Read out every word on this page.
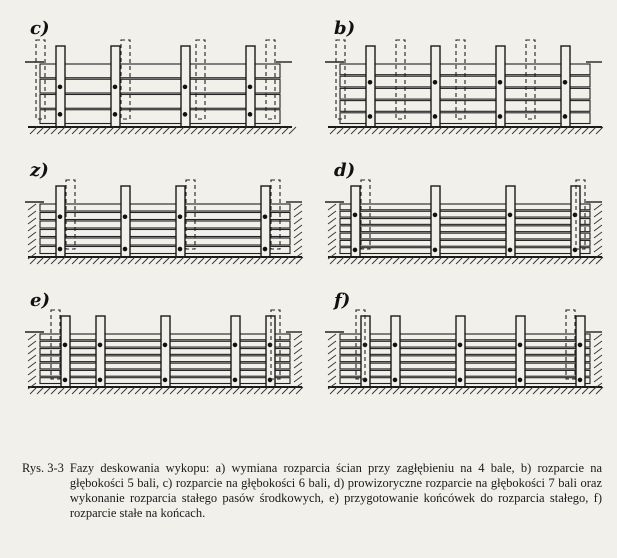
c)	b)
z)	d)
e)	f)
Rys. 3-3 Fazy deskowania wykopu: a) wymiana rozparcia ścian przy zagłębieniu na 4 bale, b) rozparcie na głębokości 5 bali, c) rozparcie na głębokości 6 bali, d) prowizoryczne rozparcie na głębokości 7 bali oraz wykonanie rozparcia stałego pasów środkowych, e) przygotowanie końcówek do rozparcia stałego, f) rozparcie stałe na końcach.
